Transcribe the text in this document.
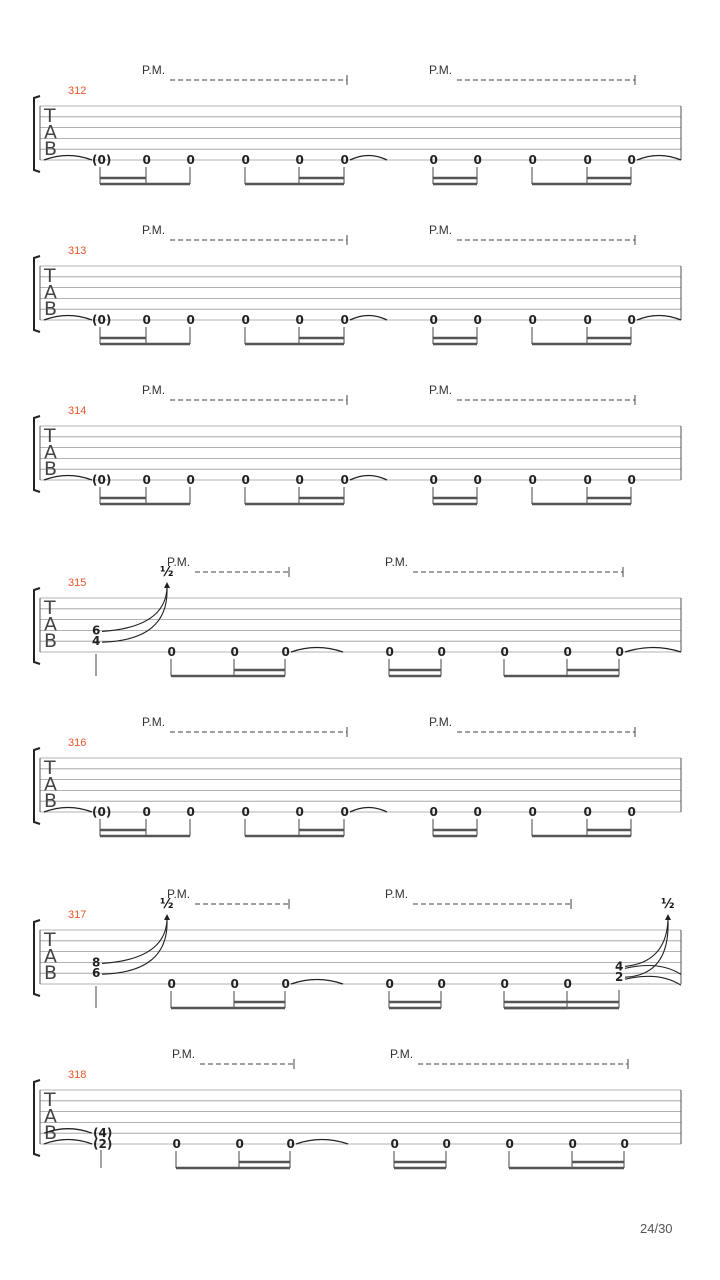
T
A
B
312
P.M.	P.M.
(0)	0	0	0	0	0	0	0	0	0	0
T
A
B
313
P.M.	P.M.
(0)	0	0	0	0	0	0	0	0	0	0
T
A
B
314
P.M.	P.M.
(0)	0	0	0	0	0	0	0	0	0	0
T
A
B
315
P.M.	P.M.
6
4
½
0	0	0	0	0	0	0	0
T
A
B
316
P.M.	P.M.
(0)	0	0	0	0	0	0	0	0	0	0
T
A
B
317
P.M.	P.M.
8
6
½
0	0	0	0	0	0	0
4
2
½
T
A
B
318
P.M.	P.M.
(4)
(2)	0	0	0	0	0	0	0	0
24/30
